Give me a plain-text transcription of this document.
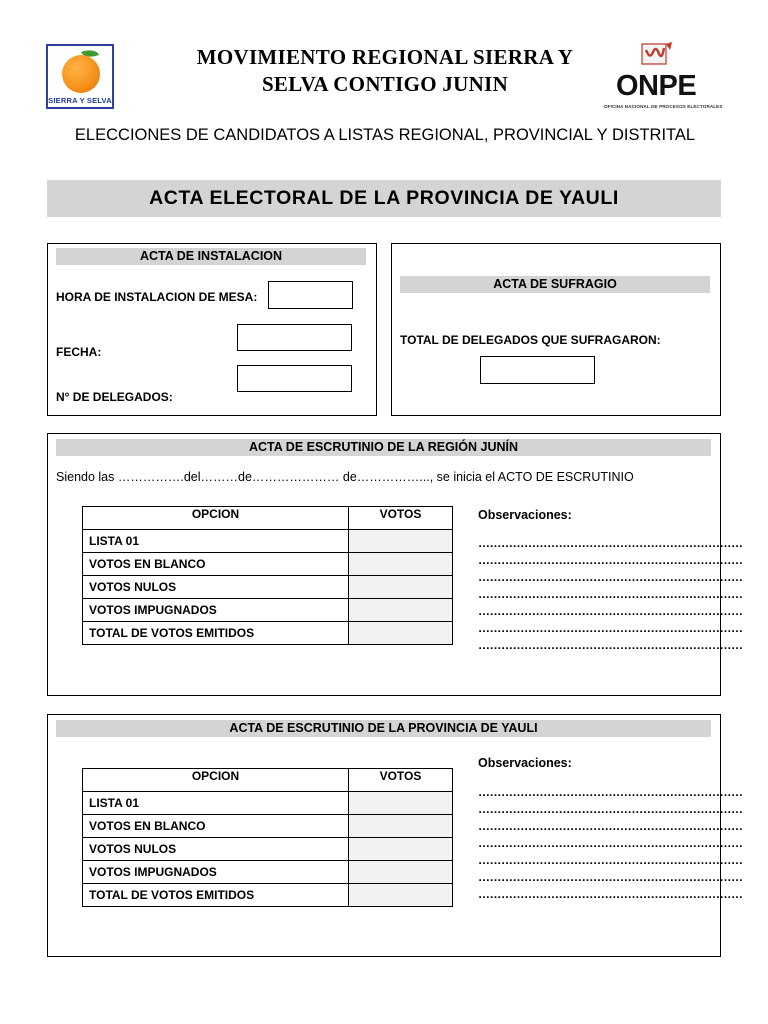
SIERRA Y SELVA
MOVIMIENTO REGIONAL SIERRA Y
SELVA CONTIGO JUNIN	ONPE
OFICINA NACIONAL DE PROCESOS ELECTORALES
ELECCIONES DE CANDIDATOS A LISTAS REGIONAL, PROVINCIAL Y DISTRITAL
ACTA ELECTORAL DE LA PROVINCIA DE YAULI
ACTA DE INSTALACION
HORA DE INSTALACION DE MESA:
FECHA:
N° DE DELEGADOS:
ACTA DE SUFRAGIO
TOTAL DE DELEGADOS QUE SUFRAGARON:
ACTA DE ESCRUTINIO DE LA REGIÓN JUNÍN
Siendo las …………….del………de………………… de……………..., se inicia el ACTO DE ESCRUTINIO
OPCION	VOTOS
LISTA 01	
VOTOS EN BLANCO	
VOTOS NULOS	
VOTOS IMPUGNADOS	
TOTAL DE VOTOS EMITIDOS	
Observaciones:
……………………………………………………………
……………………………………………………………
……………………………………………………………
……………………………………………………………
……………………………………………………………
……………………………………………………………
……………………………………………………………
ACTA DE ESCRUTINIO DE LA PROVINCIA DE YAULI
OPCION	VOTOS
LISTA 01	
VOTOS EN BLANCO	
VOTOS NULOS	
VOTOS IMPUGNADOS	
TOTAL DE VOTOS EMITIDOS	
Observaciones:
……………………………………………………………
……………………………………………………………
……………………………………………………………
……………………………………………………………
……………………………………………………………
……………………………………………………………
……………………………………………………………
